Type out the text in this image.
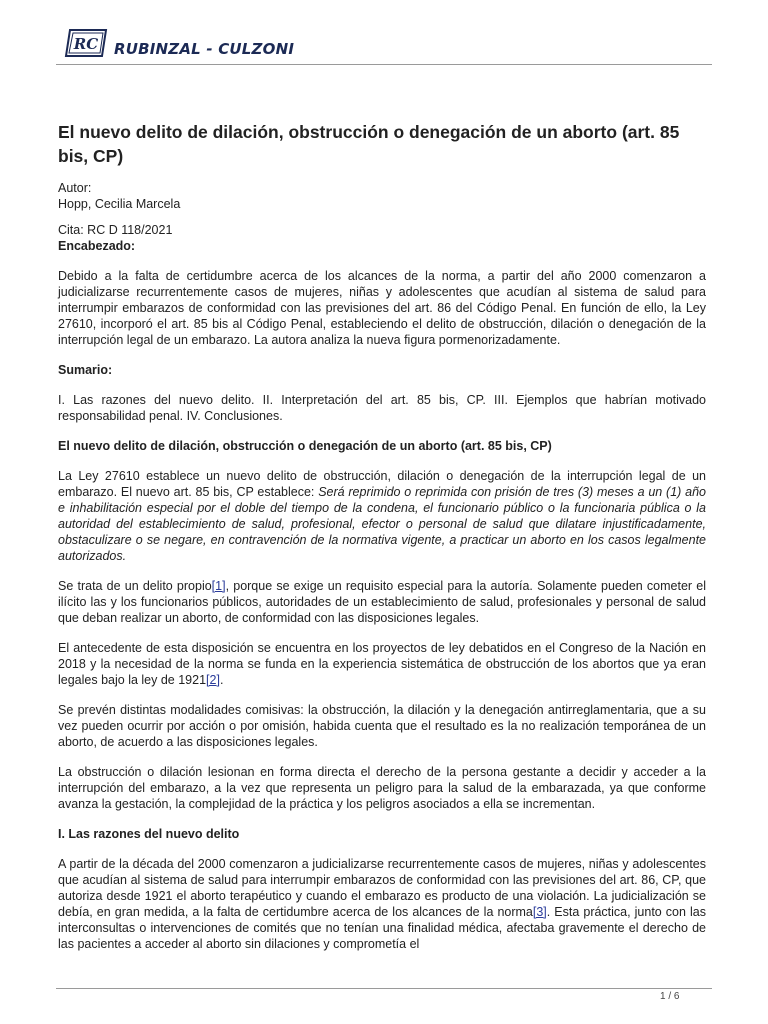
RC RUBINZAL - CULZONI
El nuevo delito de dilación, obstrucción o denegación de un aborto (art. 85 bis, CP)

Autor:

Hopp, Cecilia Marcela

Cita: RC D 118/2021

Encabezado:

Debido a la falta de certidumbre acerca de los alcances de la norma, a partir del año 2000 comenzaron a judicializarse recurrentemente casos de mujeres, niñas y adolescentes que acudían al sistema de salud para interrumpir embarazos de conformidad con las previsiones del art. 86 del Código Penal. En función de ello, la Ley 27610, incorporó el art. 85 bis al Código Penal, estableciendo el delito de obstrucción, dilación o denegación de la interrupción legal de un embarazo. La autora analiza la nueva figura pormenorizadamente.

Sumario:

I. Las razones del nuevo delito. II. Interpretación del art. 85 bis, CP. III. Ejemplos que habrían motivado responsabilidad penal. IV. Conclusiones.

El nuevo delito de dilación, obstrucción o denegación de un aborto (art. 85 bis, CP)

La Ley 27610 establece un nuevo delito de obstrucción, dilación o denegación de la interrupción legal de un embarazo. El nuevo art. 85 bis, CP establece: Será reprimido o reprimida con prisión de tres (3) meses a un (1) año e inhabilitación especial por el doble del tiempo de la condena, el funcionario público o la funcionaria pública o la autoridad del establecimiento de salud, profesional, efector o personal de salud que dilatare injustificadamente, obstaculizare o se negare, en contravención de la normativa vigente, a practicar un aborto en los casos legalmente autorizados.

Se trata de un delito propio[1], porque se exige un requisito especial para la autoría. Solamente pueden cometer el ilícito las y los funcionarios públicos, autoridades de un establecimiento de salud, profesionales y personal de salud que deban realizar un aborto, de conformidad con las disposiciones legales.

El antecedente de esta disposición se encuentra en los proyectos de ley debatidos en el Congreso de la Nación en 2018 y la necesidad de la norma se funda en la experiencia sistemática de obstrucción de los abortos que ya eran legales bajo la ley de 1921[2].

Se prevén distintas modalidades comisivas: la obstrucción, la dilación y la denegación antirreglamentaria, que a su vez pueden ocurrir por acción o por omisión, habida cuenta que el resultado es la no realización temporánea de un aborto, de acuerdo a las disposiciones legales.

La obstrucción o dilación lesionan en forma directa el derecho de la persona gestante a decidir y acceder a la interrupción del embarazo, a la vez que representa un peligro para la salud de la embarazada, ya que conforme avanza la gestación, la complejidad de la práctica y los peligros asociados a ella se incrementan.

I. Las razones del nuevo delito

A partir de la década del 2000 comenzaron a judicializarse recurrentemente casos de mujeres, niñas y adolescentes que acudían al sistema de salud para interrumpir embarazos de conformidad con las previsiones del art. 86, CP, que autoriza desde 1921 el aborto terapéutico y cuando el embarazo es producto de una violación. La judicialización se debía, en gran medida, a la falta de certidumbre acerca de los alcances de la norma[3]. Esta práctica, junto con las interconsultas o intervenciones de comités que no tenían una finalidad médica, afectaba gravemente el derecho de las pacientes a acceder al aborto sin dilaciones y comprometía el

1 / 6
